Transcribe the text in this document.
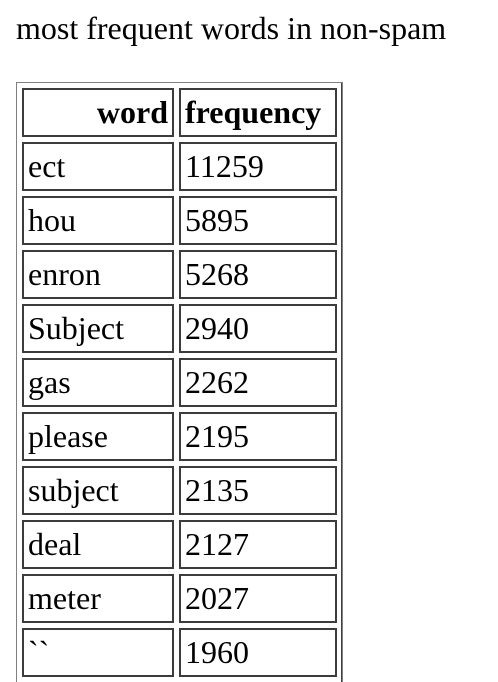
most frequent words in non-spam
word	frequency
ect	11259
hou	5895
enron	5268
Subject	2940
gas	2262
please	2195
subject	2135
deal	2127
meter	2027
``	1960
